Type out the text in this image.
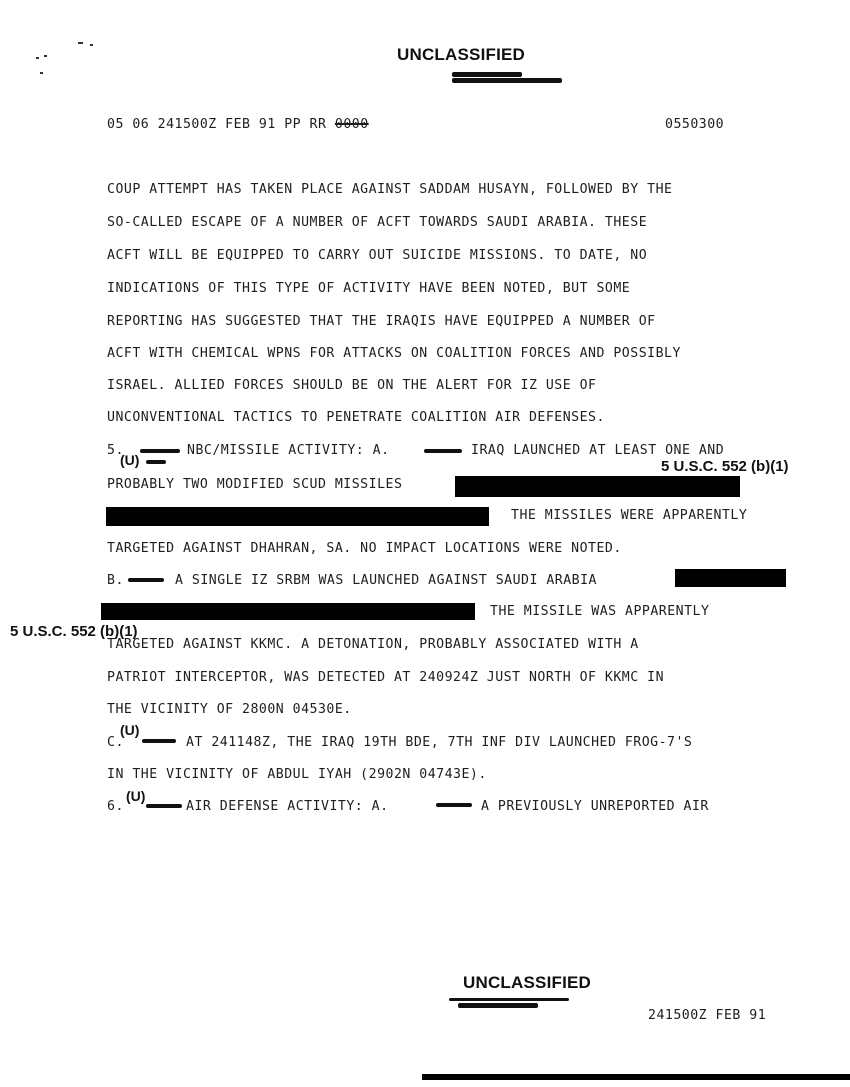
UNCLASSIFIED
05 06 241500Z FEB 91 PP RR 0000	0550300
COUP ATTEMPT HAS TAKEN PLACE AGAINST SADDAM HUSAYN, FOLLOWED BY THE
SO-CALLED ESCAPE OF A NUMBER OF ACFT TOWARDS SAUDI ARABIA. THESE
ACFT WILL BE EQUIPPED TO CARRY OUT SUICIDE MISSIONS. TO DATE, NO
INDICATIONS OF THIS TYPE OF ACTIVITY HAVE BEEN NOTED, BUT SOME
REPORTING HAS SUGGESTED THAT THE IRAQIS HAVE EQUIPPED A NUMBER OF
ACFT WITH CHEMICAL WPNS FOR ATTACKS ON COALITION FORCES AND POSSIBLY
ISRAEL. ALLIED FORCES SHOULD BE ON THE ALERT FOR IZ USE OF
UNCONVENTIONAL TACTICS TO PENETRATE COALITION AIR DEFENSES.
5.
(U)
NBC/MISSILE ACTIVITY: A.	IRAQ LAUNCHED AT LEAST ONE AND
5 U.S.C. 552 (b)(1)
PROBABLY TWO MODIFIED SCUD MISSILES
THE MISSILES WERE APPARENTLY
TARGETED AGAINST DHAHRAN, SA. NO IMPACT LOCATIONS WERE NOTED.
B.	A SINGLE IZ SRBM WAS LAUNCHED AGAINST SAUDI ARABIA
THE MISSILE WAS APPARENTLY
5 U.S.C. 552 (b)(1)
TARGETED AGAINST KKMC. A DETONATION, PROBABLY ASSOCIATED WITH A
PATRIOT INTERCEPTOR, WAS DETECTED AT 240924Z JUST NORTH OF KKMC IN
THE VICINITY OF 2800N 04530E.
C.
(U)
AT 241148Z, THE IRAQ 19TH BDE, 7TH INF DIV LAUNCHED FROG-7'S
IN THE VICINITY OF ABDUL IYAH (2902N 04743E).
6.
(U)
AIR DEFENSE ACTIVITY: A.	A PREVIOUSLY UNREPORTED AIR
UNCLASSIFIED
241500Z FEB 91
